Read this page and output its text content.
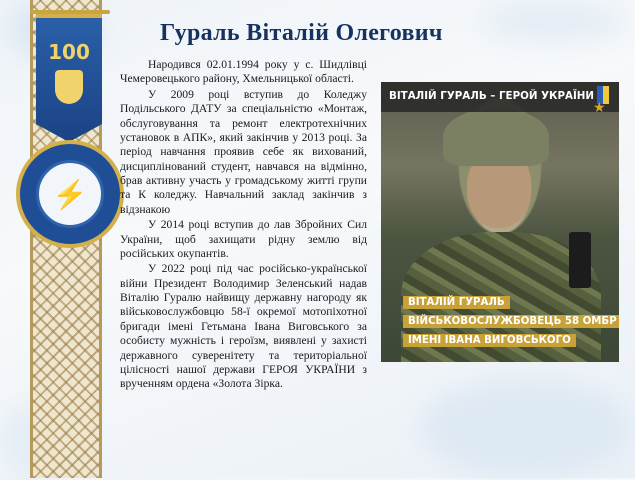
100
⚡
Гураль Віталій Олегович

Народився 02.01.1994 року у с. Шидлівці Чемеровецького району, Хмельницької області.

У 2009 році вступив до Коледжу Подільського ДАТУ за спеціальністю «Монтаж, обслуговування та ремонт електротехнічних установок в АПК», який закінчив у 2013 році. За період навчання проявив себе як вихований, дисциплінований студент, навчався на відмінно, брав активну участь у громадському житті групи та К коледжу. Навчальний заклад закінчив з відзнакою

У 2014 році вступив до лав Збройних Сил України, щоб захищати рідну землю від російських окупантів.

У 2022 році під час російсько-української війни Президент Володимир Зеленський надав Віталію Гуралю найвищу державну нагороду як військовослужбовцю 58-ї окремої мотопіхотної бригади імені Гетьмана Івана Виговського за особисту мужність і героїзм, виявлені у захисті державного суверенітету та територіальної цілісності нашої держави ГЕРОЯ УКРАЇНИ з врученням ордена «Золота Зірка.

ВІТАЛІЙ ГУРАЛЬ – ГЕРОЙ УКРАЇНИ
★
ВІТАЛІЙ ГУРАЛЬ
ВІЙСЬКОВОСЛУЖБОВЕЦЬ 58 ОМБР
ІМЕНІ ІВАНА ВИГОВСЬКОГО
